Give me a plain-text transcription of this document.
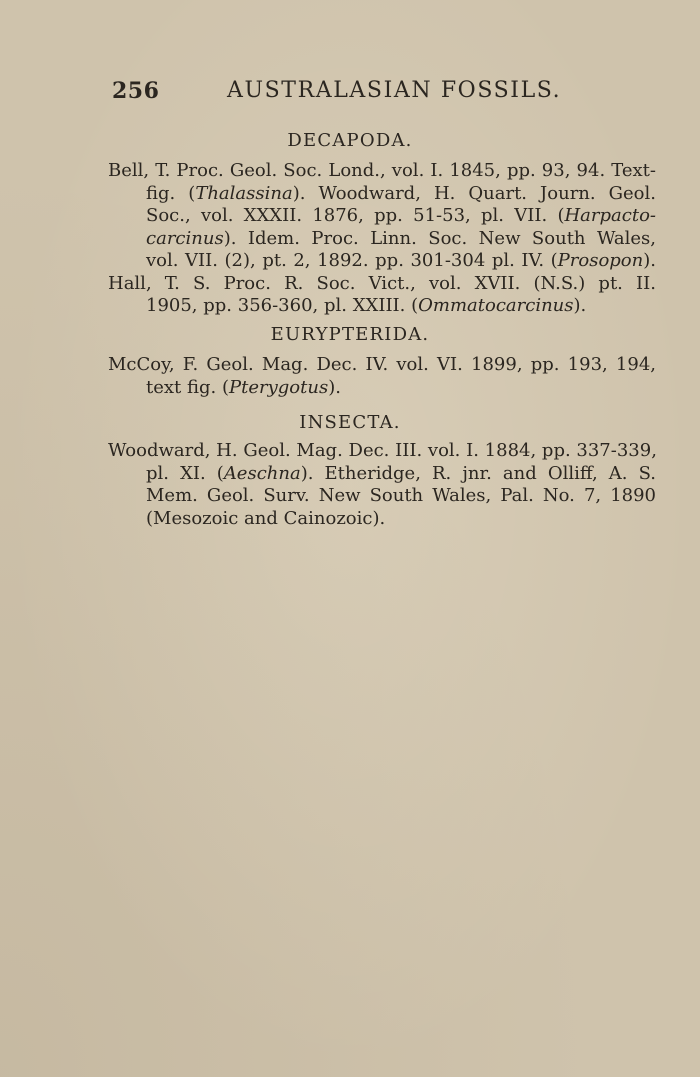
256	AUSTRALASIAN FOSSILS.
DECAPODA.
Bell, T. Proc. Geol. Soc. Lond., vol. I. 1845, pp. 93, 94. Text-
fig. (Thalassina). Woodward, H. Quart. Journ. Geol.
Soc., vol. XXXII. 1876, pp. 51-53, pl. VII. (Harpacto-
carcinus). Idem. Proc. Linn. Soc. New South Wales,
vol. VII. (2), pt. 2, 1892. pp. 301-304 pl. IV. (Prosopon).
Hall, T. S. Proc. R. Soc. Vict., vol. XVII. (N.S.) pt. II.
1905, pp. 356-360, pl. XXIII. (Ommatocarcinus).
EURYPTERIDA.
McCoy, F. Geol. Mag. Dec. IV. vol. VI. 1899, pp. 193, 194,
text fig. (Pterygotus).
INSECTA.
Woodward, H. Geol. Mag. Dec. III. vol. I. 1884, pp. 337-339,
pl. XI. (Aeschna). Etheridge, R. jnr. and Olliff, A. S.
Mem. Geol. Surv. New South Wales, Pal. No. 7, 1890
(Mesozoic and Cainozoic).
